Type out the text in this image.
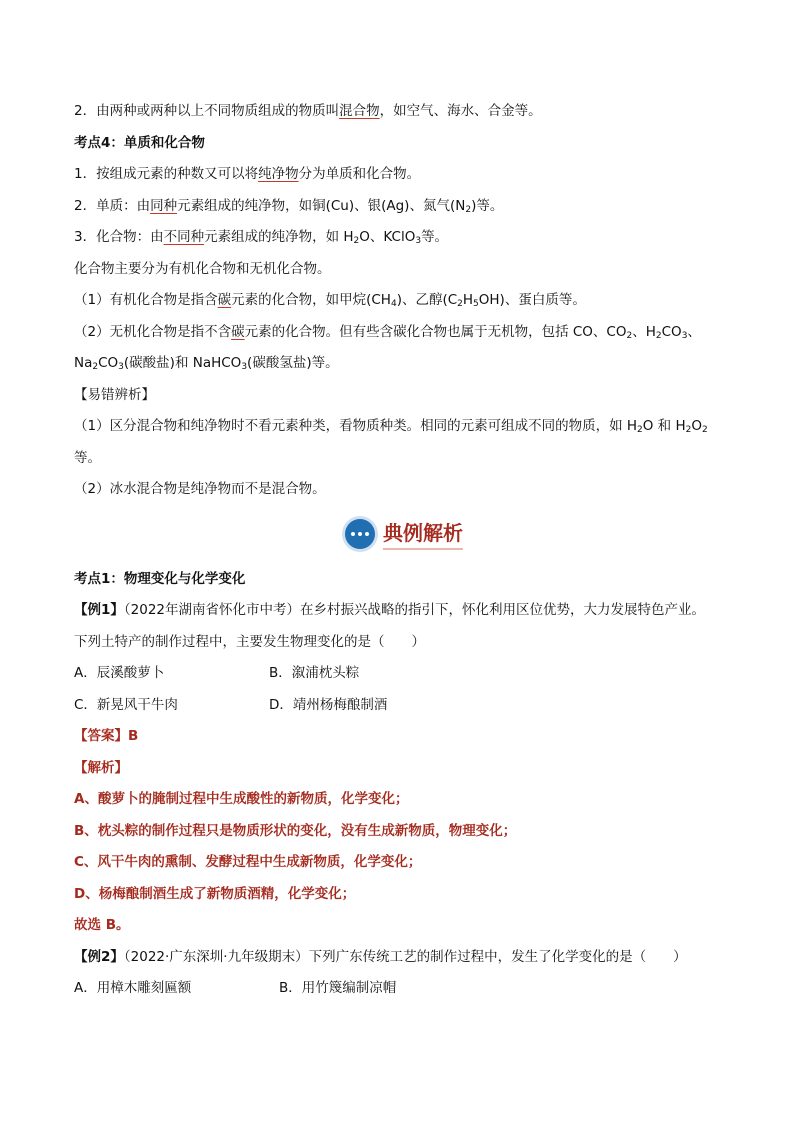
2．由两种或两种以上不同物质组成的物质叫混合物，如空气、海水、合金等。
考点4：单质和化合物
1．按组成元素的种数又可以将纯净物分为单质和化合物。
2．单质：由同种元素组成的纯净物，如铜(Cu)、银(Ag)、氮气$(N_2)$等。
3．化合物：由不同种元素组成的纯净物，如 $H_2O$、KClO$_3$等。
化合物主要分为有机化合物和无机化合物。
（1）有机化合物是指含碳元素的化合物，如甲烷$(CH_4)$、乙醇$(C_2H_5OH)$、蛋白质等。
（2）无机化合物是指不含碳元素的化合物。但有些含碳化合物也属于无机物，包括 CO、$CO_2$、$H_2CO_3$、
$Na_2CO_3$(碳酸盐)和 NaHCO$_3$(碳酸氢盐)等。
【易错辨析】
（1）区分混合物和纯净物时不看元素种类，看物质种类。相同的元素可组成不同的物质，如 $H_2O$ 和 $H_2O_2$
等。
（2）冰水混合物是纯净物而不是混合物。
典例解析
考点1：物理变化与化学变化
【例1】（2022年湖南省怀化市中考）在乡村振兴战略的指引下，怀化利用区位优势，大力发展特色产业。
下列土特产的制作过程中，主要发生物理变化的是（　　）
A．辰溪酸萝卜	B．溆浦枕头粽
C．新晃风干牛肉	D．靖州杨梅酿制酒
【答案】B
【解析】
A、酸萝卜的腌制过程中生成酸性的新物质，化学变化；
B、枕头粽的制作过程只是物质形状的变化，没有生成新物质，物理变化；
C、风干牛肉的熏制、发酵过程中生成新物质，化学变化；
D、杨梅酿制酒生成了新物质酒精，化学变化；
故选 B。
【例2】（2022·广东深圳·九年级期末）下列广东传统工艺的制作过程中，发生了化学变化的是（　　）
A．用樟木雕刻匾额	B．用竹篾编制凉帽
